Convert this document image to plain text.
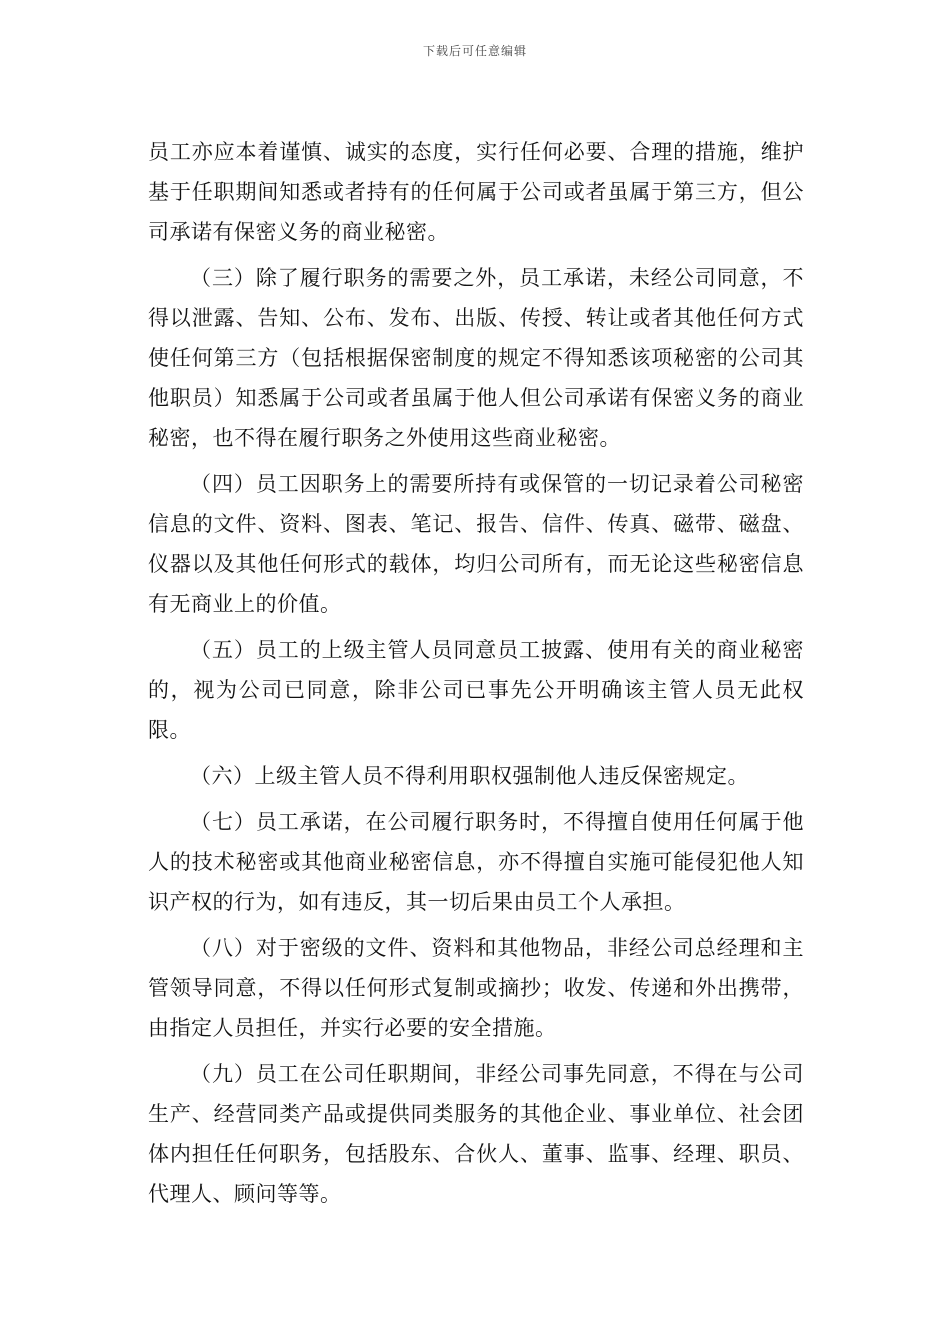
下载后可任意编辑

员工亦应本着谨慎、诚实的态度，实行任何必要、合理的措施，维护基于任职期间知悉或者持有的任何属于公司或者虽属于第三方，但公司承诺有保密义务的商业秘密。

（三）除了履行职务的需要之外，员工承诺，未经公司同意，不得以泄露、告知、公布、发布、出版、传授、转让或者其他任何方式使任何第三方（包括根据保密制度的规定不得知悉该项秘密的公司其他职员）知悉属于公司或者虽属于他人但公司承诺有保密义务的商业秘密，也不得在履行职务之外使用这些商业秘密。

（四）员工因职务上的需要所持有或保管的一切记录着公司秘密信息的文件、资料、图表、笔记、报告、信件、传真、磁带、磁盘、仪器以及其他任何形式的载体，均归公司所有，而无论这些秘密信息有无商业上的价值。

（五）员工的上级主管人员同意员工披露、使用有关的商业秘密的，视为公司已同意，除非公司已事先公开明确该主管人员无此权限。

（六）上级主管人员不得利用职权强制他人违反保密规定。

（七）员工承诺，在公司履行职务时，不得擅自使用任何属于他人的技术秘密或其他商业秘密信息，亦不得擅自实施可能侵犯他人知识产权的行为，如有违反，其一切后果由员工个人承担。

（八）对于密级的文件、资料和其他物品，非经公司总经理和主管领导同意，不得以任何形式复制或摘抄；收发、传递和外出携带，由指定人员担任，并实行必要的安全措施。

（九）员工在公司任职期间，非经公司事先同意，不得在与公司生产、经营同类产品或提供同类服务的其他企业、事业单位、社会团体内担任任何职务，包括股东、合伙人、董事、监事、经理、职员、代理人、顾问等等。
